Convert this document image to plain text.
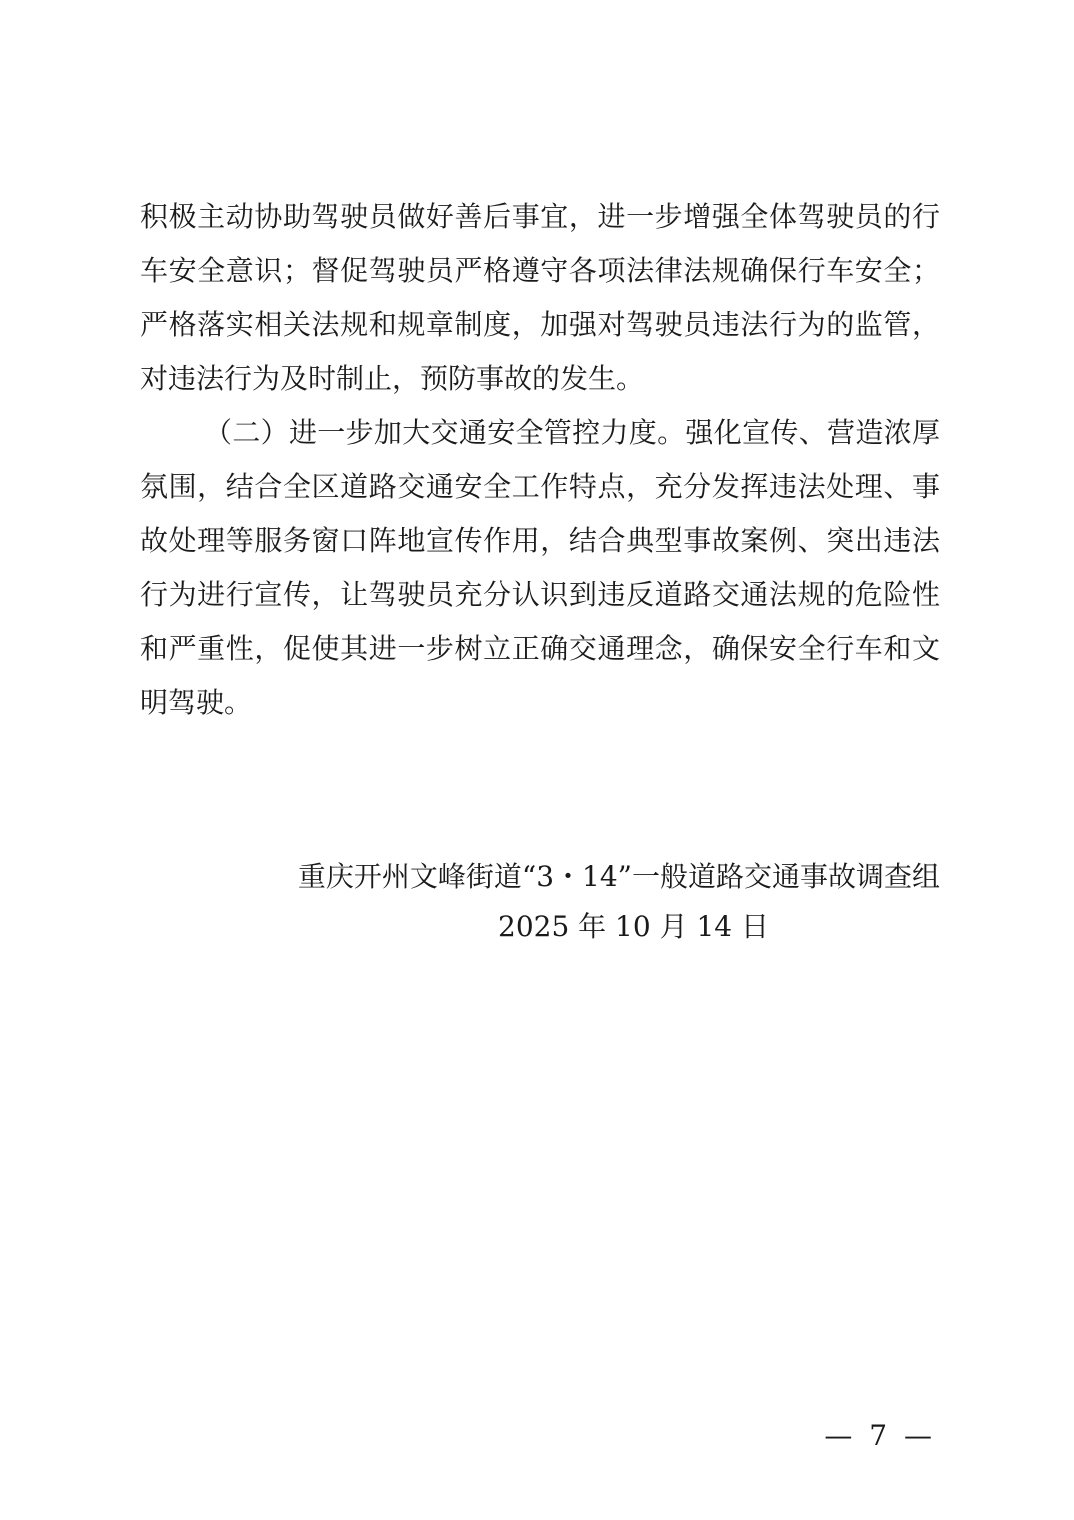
积极主动协助驾驶员做好善后事宜，进一步增强全体驾驶员的行
车安全意识；督促驾驶员严格遵守各项法律法规确保行车安全；
严格落实相关法规和规章制度，加强对驾驶员违法行为的监管，
对违法行为及时制止，预防事故的发生。
（二）进一步加大交通安全管控力度。强化宣传、营造浓厚
氛围，结合全区道路交通安全工作特点，充分发挥违法处理、事
故处理等服务窗口阵地宣传作用，结合典型事故案例、突出违法
行为进行宣传，让驾驶员充分认识到违反道路交通法规的危险性
和严重性，促使其进一步树立正确交通理念，确保安全行车和文
明驾驶。
重庆开州文峰街道“3・14”一般道路交通事故调查组
2025 年 10 月 14 日
— 7 —
